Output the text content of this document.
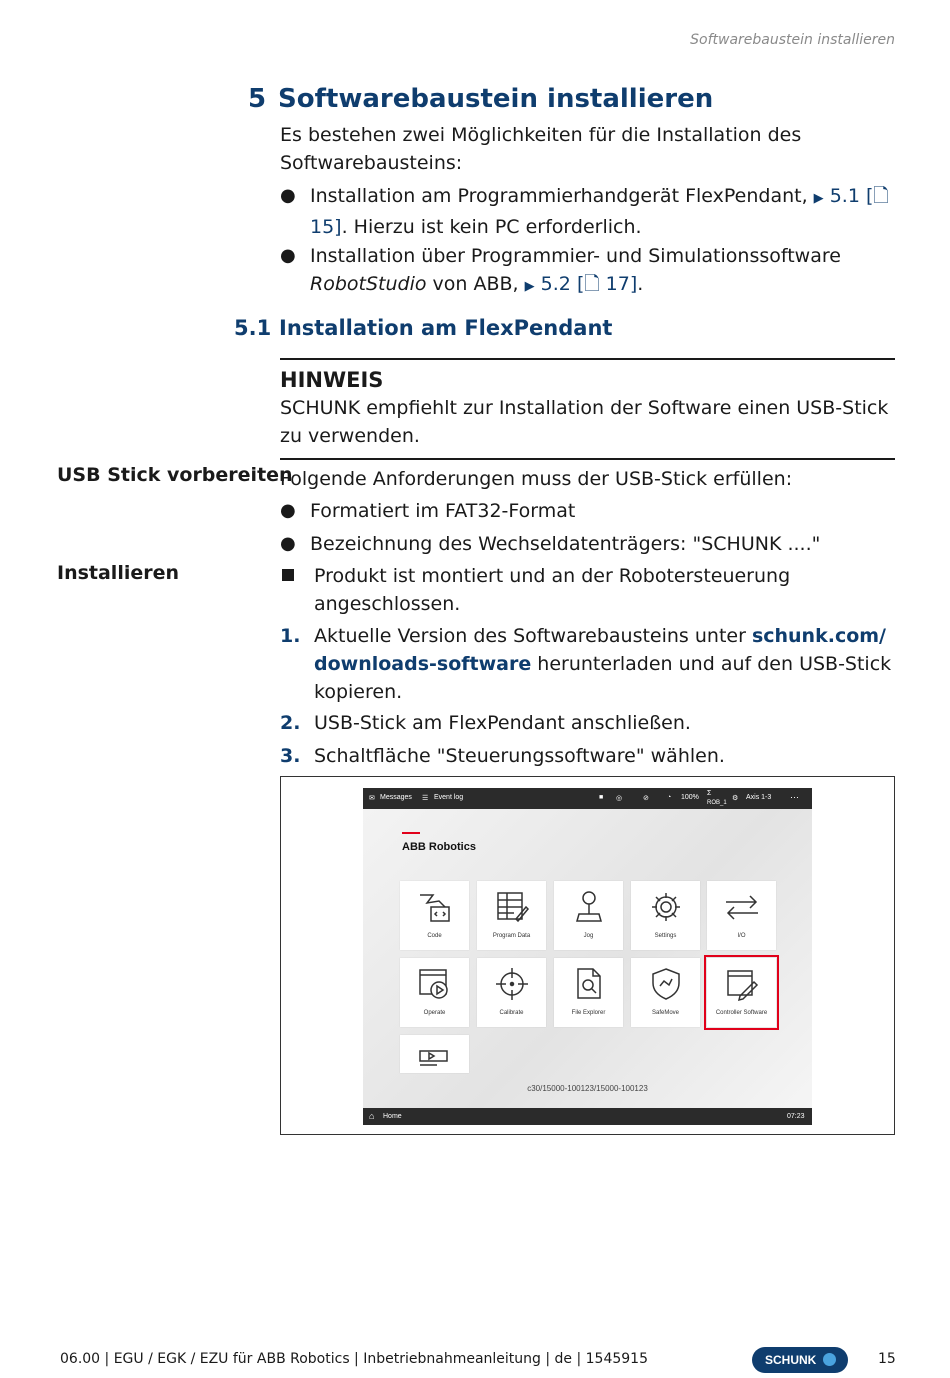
Softwarebaustein installieren
5 Softwarebaustein installieren
Es bestehen zwei Möglichkeiten für die Installation des Softwarebausteins:
● Installation am Programmierhandgerät FlexPendant, ▶ 5.1 [🗋 15]. Hierzu ist kein PC erforderlich.
● Installation über Programmier- und Simulationssoftware RobotStudio von ABB, ▶ 5.2 [🗋 17].
5.1 Installation am FlexPendant
HINWEIS
SCHUNK empfiehlt zur Installation der Software einen USB-Stick zu verwenden.
USB Stick vorbereiten
Folgende Anforderungen muss der USB-Stick erfüllen:
● Formatiert im FAT32-Format
● Bezeichnung des Wechseldatenträgers: "SCHUNK ...."
Installieren	Produkt ist montiert und an der Robotersteuerung angeschlossen.
1. Aktuelle Version des Softwarebausteins unter schunk.com/ downloads-software herunterladen und auf den USB-Stick kopieren.
2. USB-Stick am FlexPendant anschließen.
3. Schaltfläche "Steuerungssoftware" wählen.
✉ Messages ☰ Event log	■ ◎	⊘	◔ 100%
Σ
ROB_1
⚙ Axis 1-3 ⋯
ABB Robotics
Code	Program Data	Jog	Settings	I/O
Operate	Calibrate	File Explorer	SafeMove	Controller Software
c30/15000-100123/15000-100123
⌂ Home	07:23
06.00 | EGU / EGK / EZU für ABB Robotics | Inbetriebnahmeanleitung | de | 1545915	SCHUNK	15
